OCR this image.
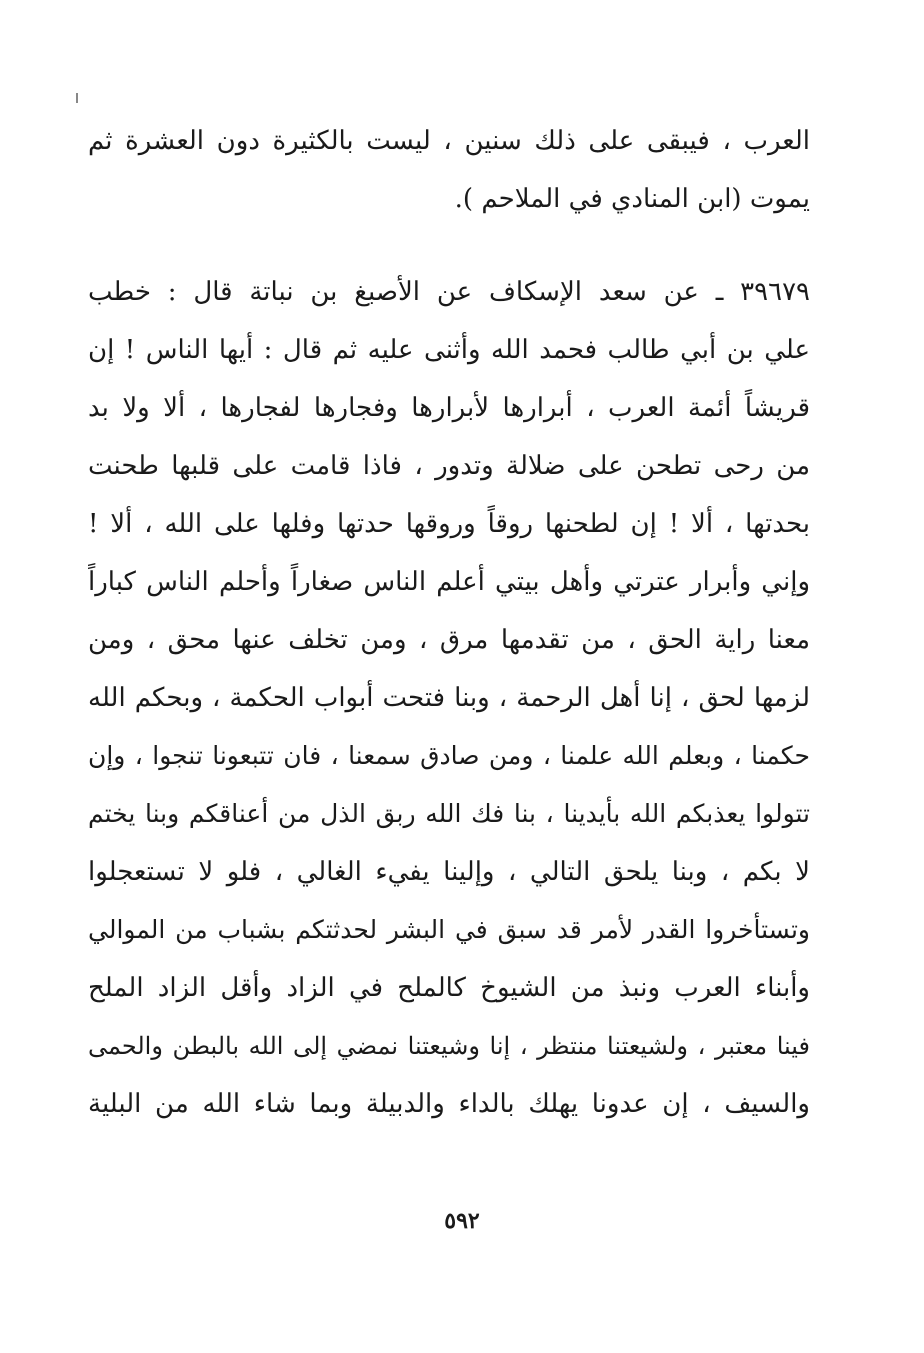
العرب ، فيبقى على ذلك سنين ، ليست بالكثيرة دون العشرة ثم
يموت (ابن المنادي في الملاحم ).
٣٩٦٧٩ ـ عن سعد الإسكاف عن الأصبغ بن نباتة قال : خطب
علي بن أبي طالب فحمد الله وأثنى عليه ثم قال : أيها الناس ! إن
قريشاً أئمة العرب ، أبرارها لأبرارها وفجارها لفجارها ، ألا ولا بد
من رحى تطحن على ضلالة وتدور ، فاذا قامت على قلبها طحنت
بحدتها ، ألا ! إن لطحنها روقاً وروقها حدتها وفلها على الله ، ألا !
وإني وأبرار عترتي وأهل بيتي أعلم الناس صغاراً وأحلم الناس كباراً
معنا راية الحق ، من تقدمها مرق ، ومن تخلف عنها محق ، ومن
لزمها لحق ، إنا أهل الرحمة ، وبنا فتحت أبواب الحكمة ، وبحكم الله
حكمنا ، وبعلم الله علمنا ، ومن صادق سمعنا ، فان تتبعونا تنجوا ، وإن
تتولوا يعذبكم الله بأيدينا ، بنا فك الله ربق الذل من أعناقكم وبنا يختم
لا بكم ، وبنا يلحق التالي ، وإلينا يفيء الغالي ، فلو لا تستعجلوا
وتستأخروا القدر لأمر قد سبق في البشر لحدثتكم بشباب من الموالي
وأبناء العرب ونبذ من الشيوخ كالملح في الزاد وأقل الزاد الملح
فينا معتبر ، ولشيعتنا منتظر ، إنا وشيعتنا نمضي إلى الله بالبطن والحمى
والسيف ، إن عدونا يهلك بالداء والدبيلة وبما شاء الله من البلية
٥٩٢
